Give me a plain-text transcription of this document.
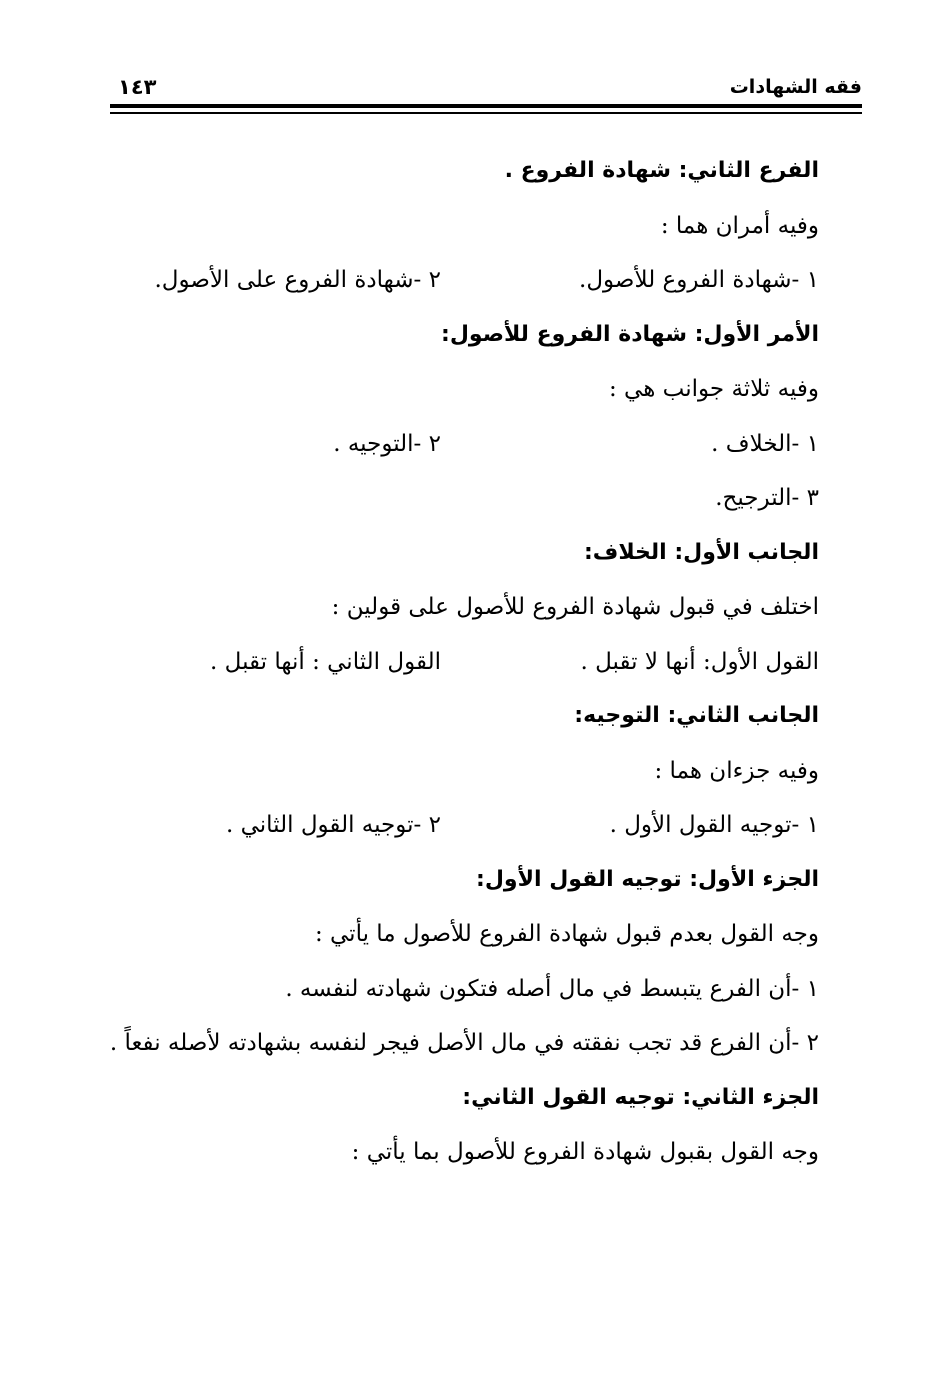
فقه الشهادات
١٤٣
الفرع الثاني: شهادة الفروع .
وفيه أمران هما :
١ -شهادة الفروع للأصول.
٢ -شهادة الفروع على الأصول.
الأمر الأول: شهادة الفروع للأصول:
وفيه ثلاثة جوانب هي :
١ -الخلاف .
٢ -التوجيه .
٣ -الترجيح.
الجانب الأول: الخلاف:
اختلف في قبول شهادة الفروع للأصول على قولين :
القول الأول: أنها لا تقبل .
القول الثاني : أنها تقبل .
الجانب الثاني: التوجيه:
وفيه جزءان هما :
١ -توجيه القول الأول .
٢ -توجيه القول الثاني .
الجزء الأول: توجيه القول الأول:
وجه القول بعدم قبول شهادة الفروع للأصول ما يأتي :
١ -أن الفرع يتبسط في مال أصله فتكون شهادته لنفسه .
٢ -أن الفرع قد تجب نفقته في مال الأصل فيجر لنفسه بشهادته لأصله نفعاً .
الجزء الثاني: توجيه القول الثاني:
وجه القول بقبول شهادة الفروع للأصول بما يأتي :
